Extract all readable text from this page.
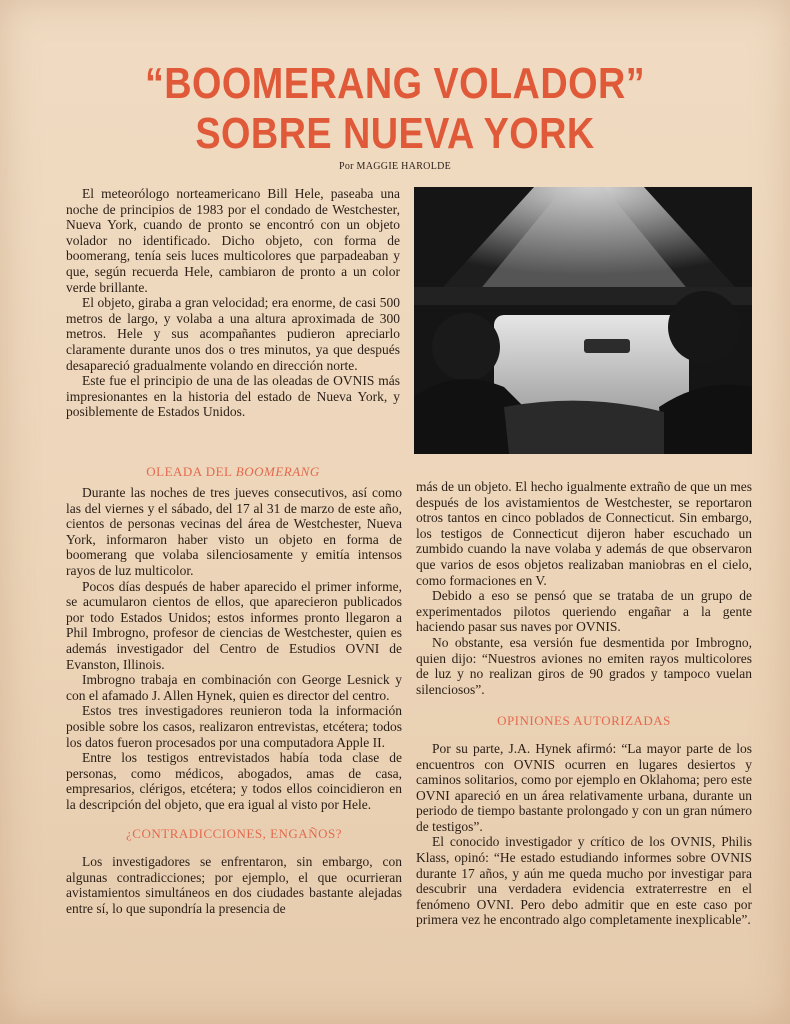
“BOOMERANG VOLADOR”
SOBRE NUEVA YORK
Por MAGGIE HAROLDE

El meteorólogo norteamericano Bill Hele, paseaba una noche de principios de 1983 por el condado de Westchester, Nueva York, cuando de pronto se encontró con un objeto volador no identificado. Dicho objeto, con forma de boomerang, tenía seis luces multicolores que parpadeaban y que, según recuerda Hele, cambiaron de pronto a un color verde brillante.

El objeto, giraba a gran velocidad; era enorme, de casi 500 metros de largo, y volaba a una altura aproximada de 300 metros. Hele y sus acompañantes pudieron apreciarlo claramente durante unos dos o tres minutos, ya que después desapareció gradualmente volando en dirección norte.

Este fue el principio de una de las oleadas de OVNIS más impresionantes en la historia del estado de Nueva York, y posiblemente de Estados Unidos.

OLEADA DEL BOOMERANG

Durante las noches de tres jueves consecutivos, así como las del viernes y el sábado, del 17 al 31 de marzo de este año, cientos de personas vecinas del área de Westchester, Nueva York, informaron haber visto un objeto en forma de boomerang que volaba silenciosamente y emitía intensos rayos de luz multicolor.

Pocos días después de haber aparecido el primer informe, se acumularon cientos de ellos, que aparecieron publicados por todo Estados Unidos; estos informes pronto llegaron a Phil Imbrogno, profesor de ciencias de Westchester, quien es además investigador del Centro de Estudios OVNI de Evanston, Illinois.

Imbrogno trabaja en combinación con George Lesnick y con el afamado J. Allen Hynek, quien es director del centro.

Estos tres investigadores reunieron toda la información posible sobre los casos, realizaron entrevistas, etcétera; todos los datos fueron procesados por una computadora Apple II.

Entre los testigos entrevistados había toda clase de personas, como médicos, abogados, amas de casa, empresarios, clérigos, etcétera; y todos ellos coincidieron en la descripción del objeto, que era igual al visto por Hele.

¿CONTRADICCIONES, ENGAÑOS?

Los investigadores se enfrentaron, sin embargo, con algunas contradicciones; por ejemplo, el que ocurrieran avistamientos simultáneos en dos ciudades bastante alejadas entre sí, lo que supondría la presencia de

más de un objeto. El hecho igualmente extraño de que un mes después de los avistamientos de Westchester, se reportaron otros tantos en cinco poblados de Connecticut. Sin embargo, los testigos de Connecticut dijeron haber escuchado un zumbido cuando la nave volaba y además de que observaron que varios de esos objetos realizaban maniobras en el cielo, como formaciones en V.

Debido a eso se pensó que se trataba de un grupo de experimentados pilotos queriendo engañar a la gente haciendo pasar sus naves por OVNIS.

No obstante, esa versión fue desmentida por Imbrogno, quien dijo: “Nuestros aviones no emiten rayos multicolores de luz y no realizan giros de 90 grados y tampoco vuelan silenciosos”.

OPINIONES AUTORIZADAS

Por su parte, J.A. Hynek afirmó: “La mayor parte de los encuentros con OVNIS ocurren en lugares desiertos y caminos solitarios, como por ejemplo en Oklahoma; pero este OVNI apareció en un área relativamente urbana, durante un periodo de tiempo bastante prolongado y con un gran número de testigos”.

El conocido investigador y crítico de los OVNIS, Philis Klass, opinó: “He estado estudiando informes sobre OVNIS durante 17 años, y aún me queda mucho por investigar para descubrir una verdadera evidencia extraterrestre en el fenómeno OVNI. Pero debo admitir que en este caso por primera vez he encontrado algo completamente inexplicable”.
